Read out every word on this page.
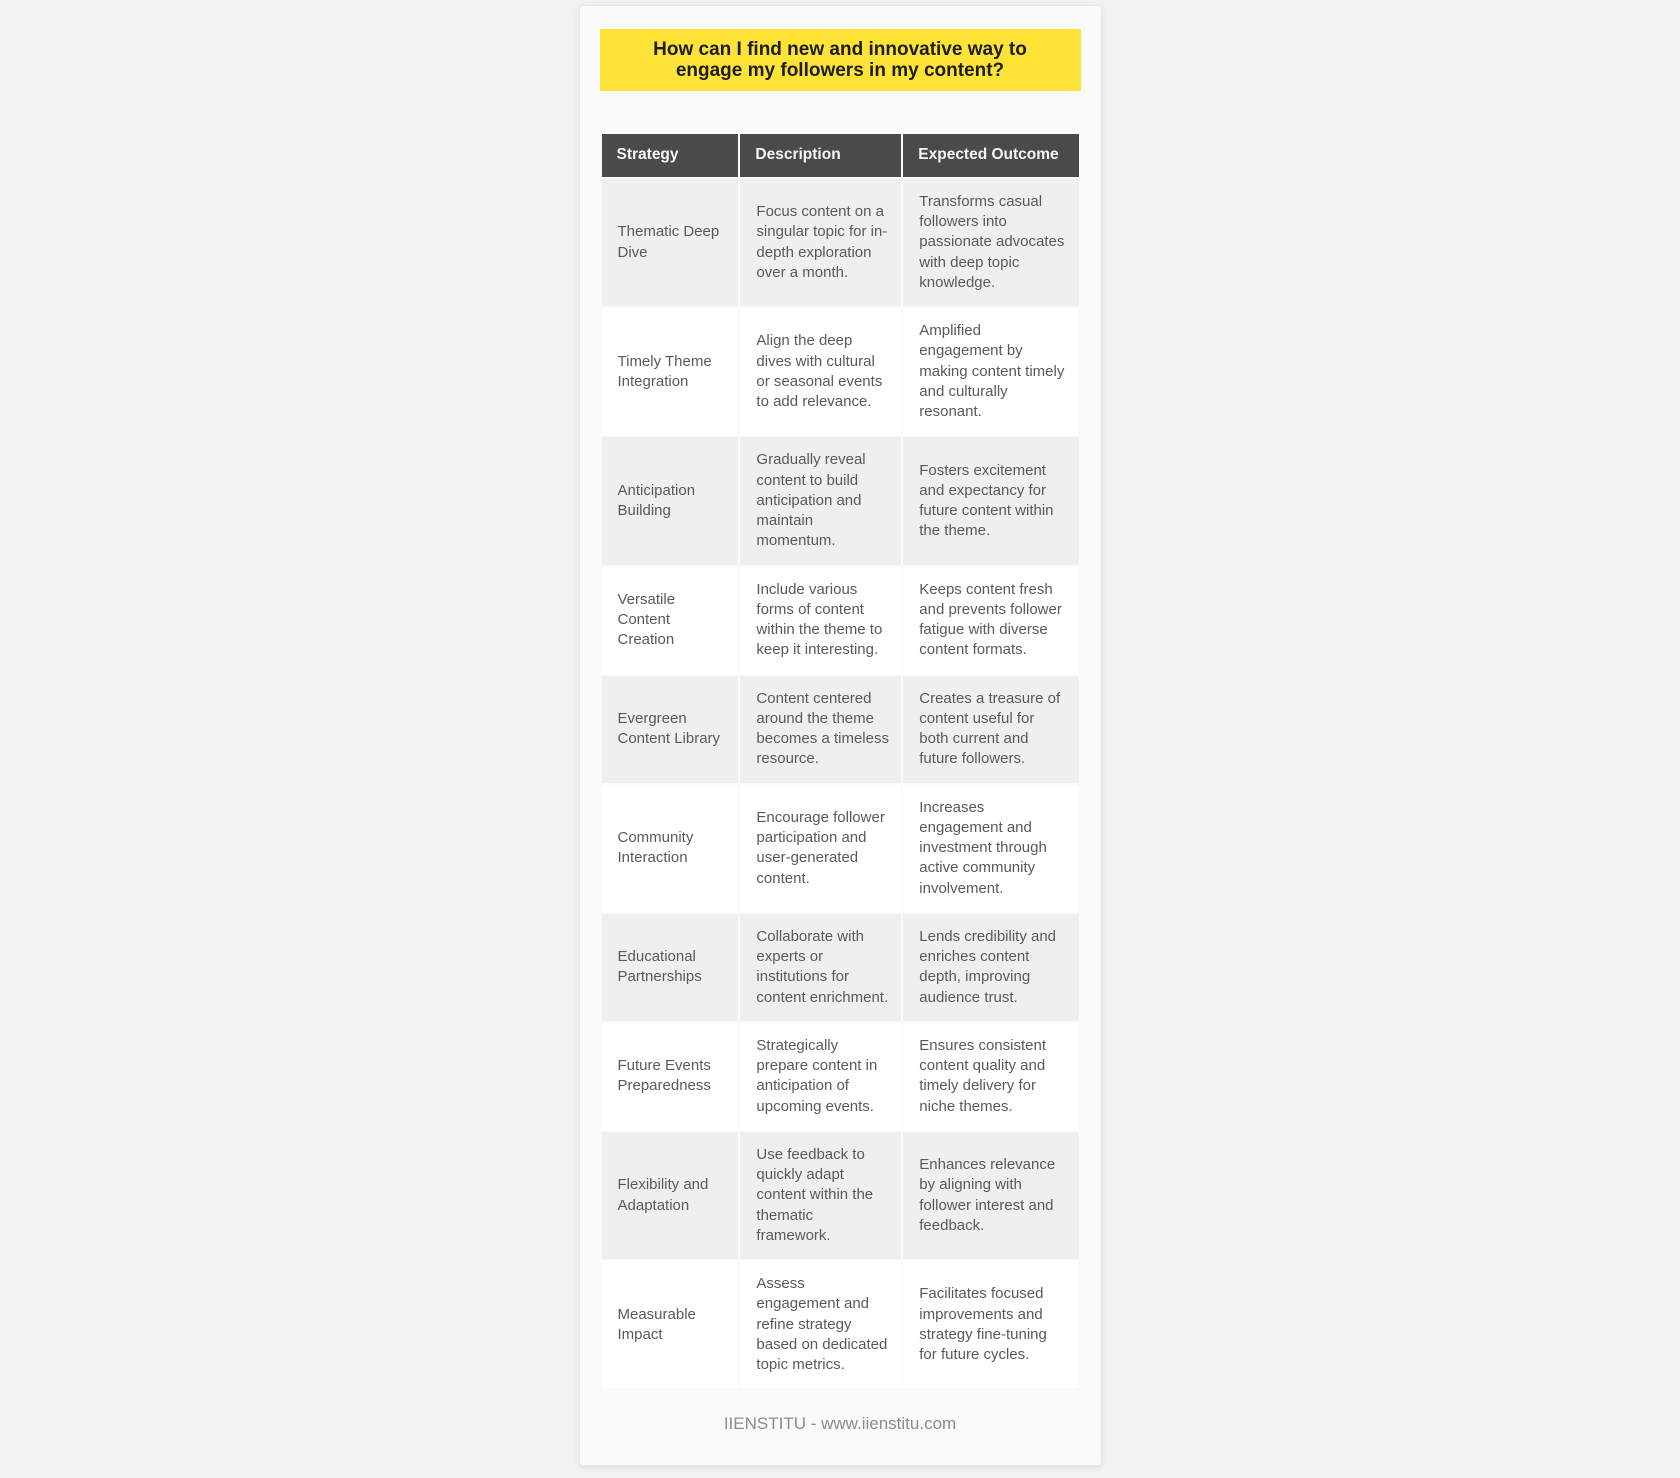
How can I find new and innovative way to engage my followers in my content?
Strategy	Description	Expected Outcome
Thematic Deep Dive	Focus content on a singular topic for in-depth exploration over a month.	Transforms casual followers into passionate advocates with deep topic knowledge.
Timely Theme Integration	Align the deep dives with cultural or seasonal events to add relevance.	Amplified engagement by making content timely and culturally resonant.
Anticipation Building	Gradually reveal content to build anticipation and maintain momentum.	Fosters excitement and expectancy for future content within the theme.
Versatile Content Creation	Include various forms of content within the theme to keep it interesting.	Keeps content fresh and prevents follower fatigue with diverse content formats.
Evergreen Content Library	Content centered around the theme becomes a timeless resource.	Creates a treasure of content useful for both current and future followers.
Community Interaction	Encourage follower participation and user-generated content.	Increases engagement and investment through active community involvement.
Educational Partnerships	Collaborate with experts or institutions for content enrichment.	Lends credibility and enriches content depth, improving audience trust.
Future Events Preparedness	Strategically prepare content in anticipation of upcoming events.	Ensures consistent content quality and timely delivery for niche themes.
Flexibility and Adaptation	Use feedback to quickly adapt content within the thematic framework.	Enhances relevance by aligning with follower interest and feedback.
Measurable Impact	Assess engagement and refine strategy based on dedicated topic metrics.	Facilitates focused improvements and strategy fine-tuning for future cycles.
IIENSTITU - www.iienstitu.com
